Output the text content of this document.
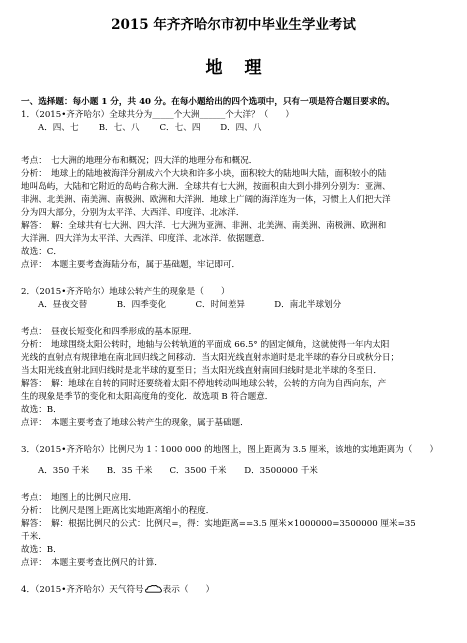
2015 年齐齐哈尔市初中毕业生学业考试
地理
一、选择题：每小题 1 分，共 40 分。在每小题给出的四个选项中，只有一项是符合题目要求的。
1．（2015•齐齐哈尔）全球共分为_____个大洲______个大洋？（　　）
A．四、七 B．七、八 C．七、四 D．四、八
考点：　七大洲的地理分布和概况；四大洋的地理分布和概况．
分析：　地球上的陆地被海洋分割成六个大块和许多小块，面积较大的陆地叫大陆，面积较小的陆
地叫岛屿，大陆和它附近的岛屿合称大洲．全球共有七大洲，按面积由大到小排列分别为：亚洲、
非洲、北美洲、南美洲、南极洲、欧洲和大洋洲．地球上广阔的海洋连为一体，习惯上人们把大洋
分为四大部分，分别为太平洋、大西洋、印度洋、北冰洋．
解答：　解：全球共有七大洲、四大洋．七大洲为亚洲、非洲、北美洲、南美洲、南极洲、欧洲和
大洋洲．四大洋为太平洋、大西洋、印度洋、北冰洋．依据题意．
故选：C．
点评：　本题主要考查海陆分布，属于基础题，牢记即可．
2．（2015•齐齐哈尔）地球公转产生的现象是（　　）
A．昼夜交替	B．四季变化	C．时间差异	D．南北半球划分
考点：　昼夜长短变化和四季形成的基本原理．
分析：　地球围绕太阳公转时，地轴与公转轨道的平面成 66.5° 的固定倾角，这就使得一年内太阳
光线的直射点有规律地在南北回归线之间移动．当太阳光线直射赤道时是北半球的春分日或秋分日；
当太阳光线直射北回归线时是北半球的夏至日；当太阳光线直射南回归线时是北半球的冬至日．
解答：　解：地球在自转的同时还要绕着太阳不停地转动叫地球公转，公转的方向为自西向东，产
生的现象是季节的变化和太阳高度角的变化．故选项 B 符合题意．
故选：B．
点评：　本题主要考查了地球公转产生的现象，属于基础题．
3．（2015•齐齐哈尔）比例尺为 1∶1000 000 的地图上，图上距离为 3.5 厘米，该地的实地距离为（　　）
A．350 千米 B．35 千米 C．3500 千米 D．3500000 千米
考点：　地图上的比例尺应用．
分析：　比例尺是图上距离比实地距离缩小的程度．
解答：　解：根据比例尺的公式：比例尺=，得：实地距离==3.5 厘米×1000000=3500000 厘米=35
千米．
故选：B．
点评：　本题主要考查比例尺的计算．
4．（2015•齐齐哈尔）天气符号 表示（　　）
